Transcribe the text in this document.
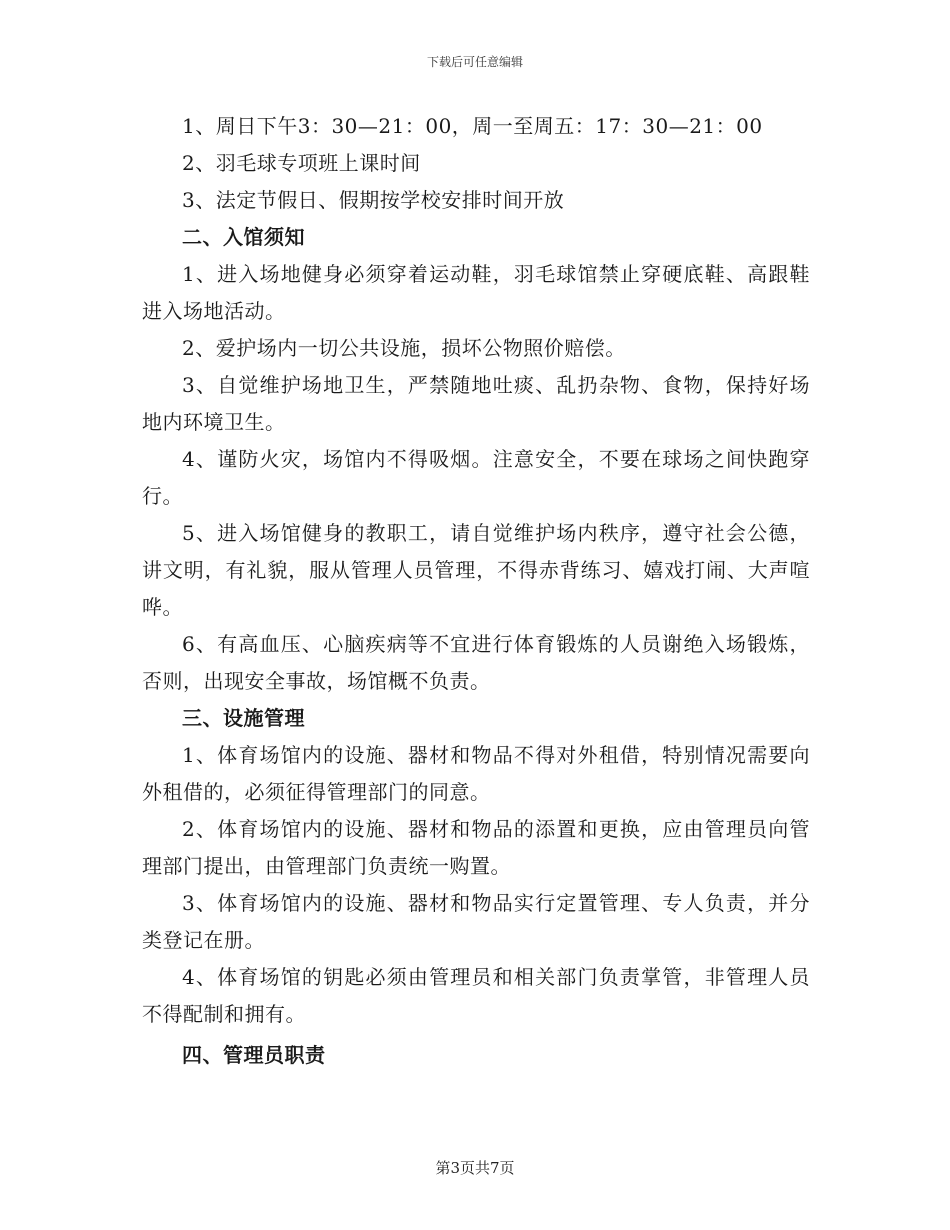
下载后可任意编辑

1、周日下午3：30—21：00，周一至周五：17：30—21：00

2、羽毛球专项班上课时间

3、法定节假日、假期按学校安排时间开放

二、入馆须知

1、进入场地健身必须穿着运动鞋，羽毛球馆禁止穿硬底鞋、高跟鞋进入场地活动。

2、爱护场内一切公共设施，损坏公物照价赔偿。

3、自觉维护场地卫生，严禁随地吐痰、乱扔杂物、食物，保持好场地内环境卫生。

4、谨防火灾，场馆内不得吸烟。注意安全，不要在球场之间快跑穿行。

5、进入场馆健身的教职工，请自觉维护场内秩序，遵守社会公德，讲文明，有礼貌，服从管理人员管理，不得赤背练习、嬉戏打闹、大声喧哗。

6、有高血压、心脑疾病等不宜进行体育锻炼的人员谢绝入场锻炼，否则，出现安全事故，场馆概不负责。

三、设施管理

1、体育场馆内的设施、器材和物品不得对外租借，特别情况需要向外租借的，必须征得管理部门的同意。

2、体育场馆内的设施、器材和物品的添置和更换，应由管理员向管理部门提出，由管理部门负责统一购置。

3、体育场馆内的设施、器材和物品实行定置管理、专人负责，并分类登记在册。

4、体育场馆的钥匙必须由管理员和相关部门负责掌管，非管理人员不得配制和拥有。

四、管理员职责

第3页共7页
